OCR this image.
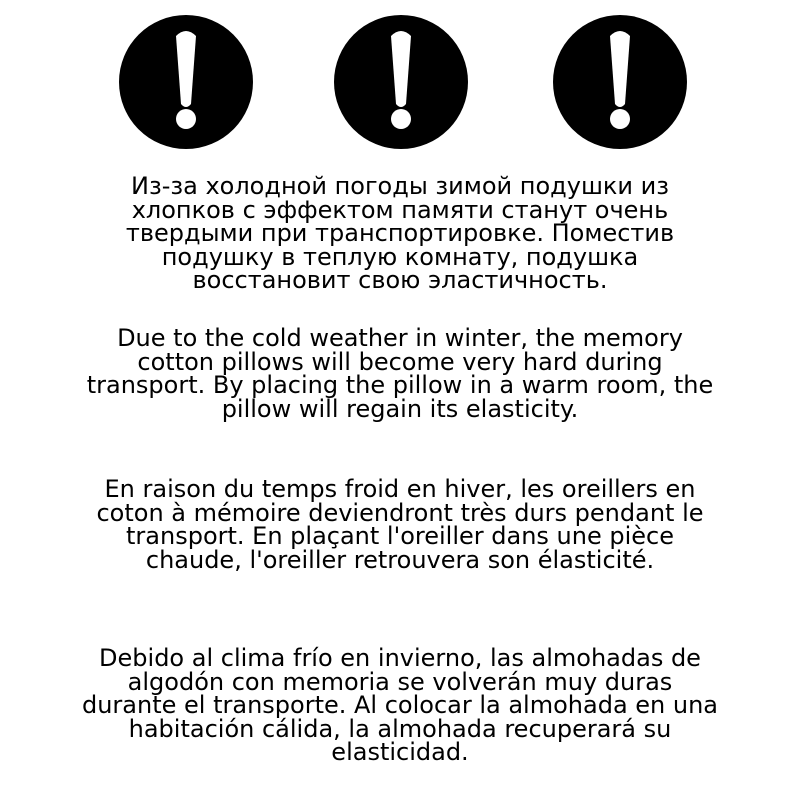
Из-за холодной погоды зимой подушки из хлопков с эффектом памяти станут очень твердыми при транспортировке. Поместив подушку в теплую комнату, подушка восстановит свою эластичность.

Due to the cold weather in winter, the memory cotton pillows will become very hard during transport. By placing the pillow in a warm room, the pillow will regain its elasticity.

En raison du temps froid en hiver, les oreillers en coton à mémoire deviendront très durs pendant le transport. En plaçant l'oreiller dans une pièce chaude, l'oreiller retrouvera son élasticité.

Debido al clima frío en invierno, las almohadas de algodón con memoria se volverán muy duras durante el transporte. Al colocar la almohada en una habitación cálida, la almohada recuperará su elasticidad.
